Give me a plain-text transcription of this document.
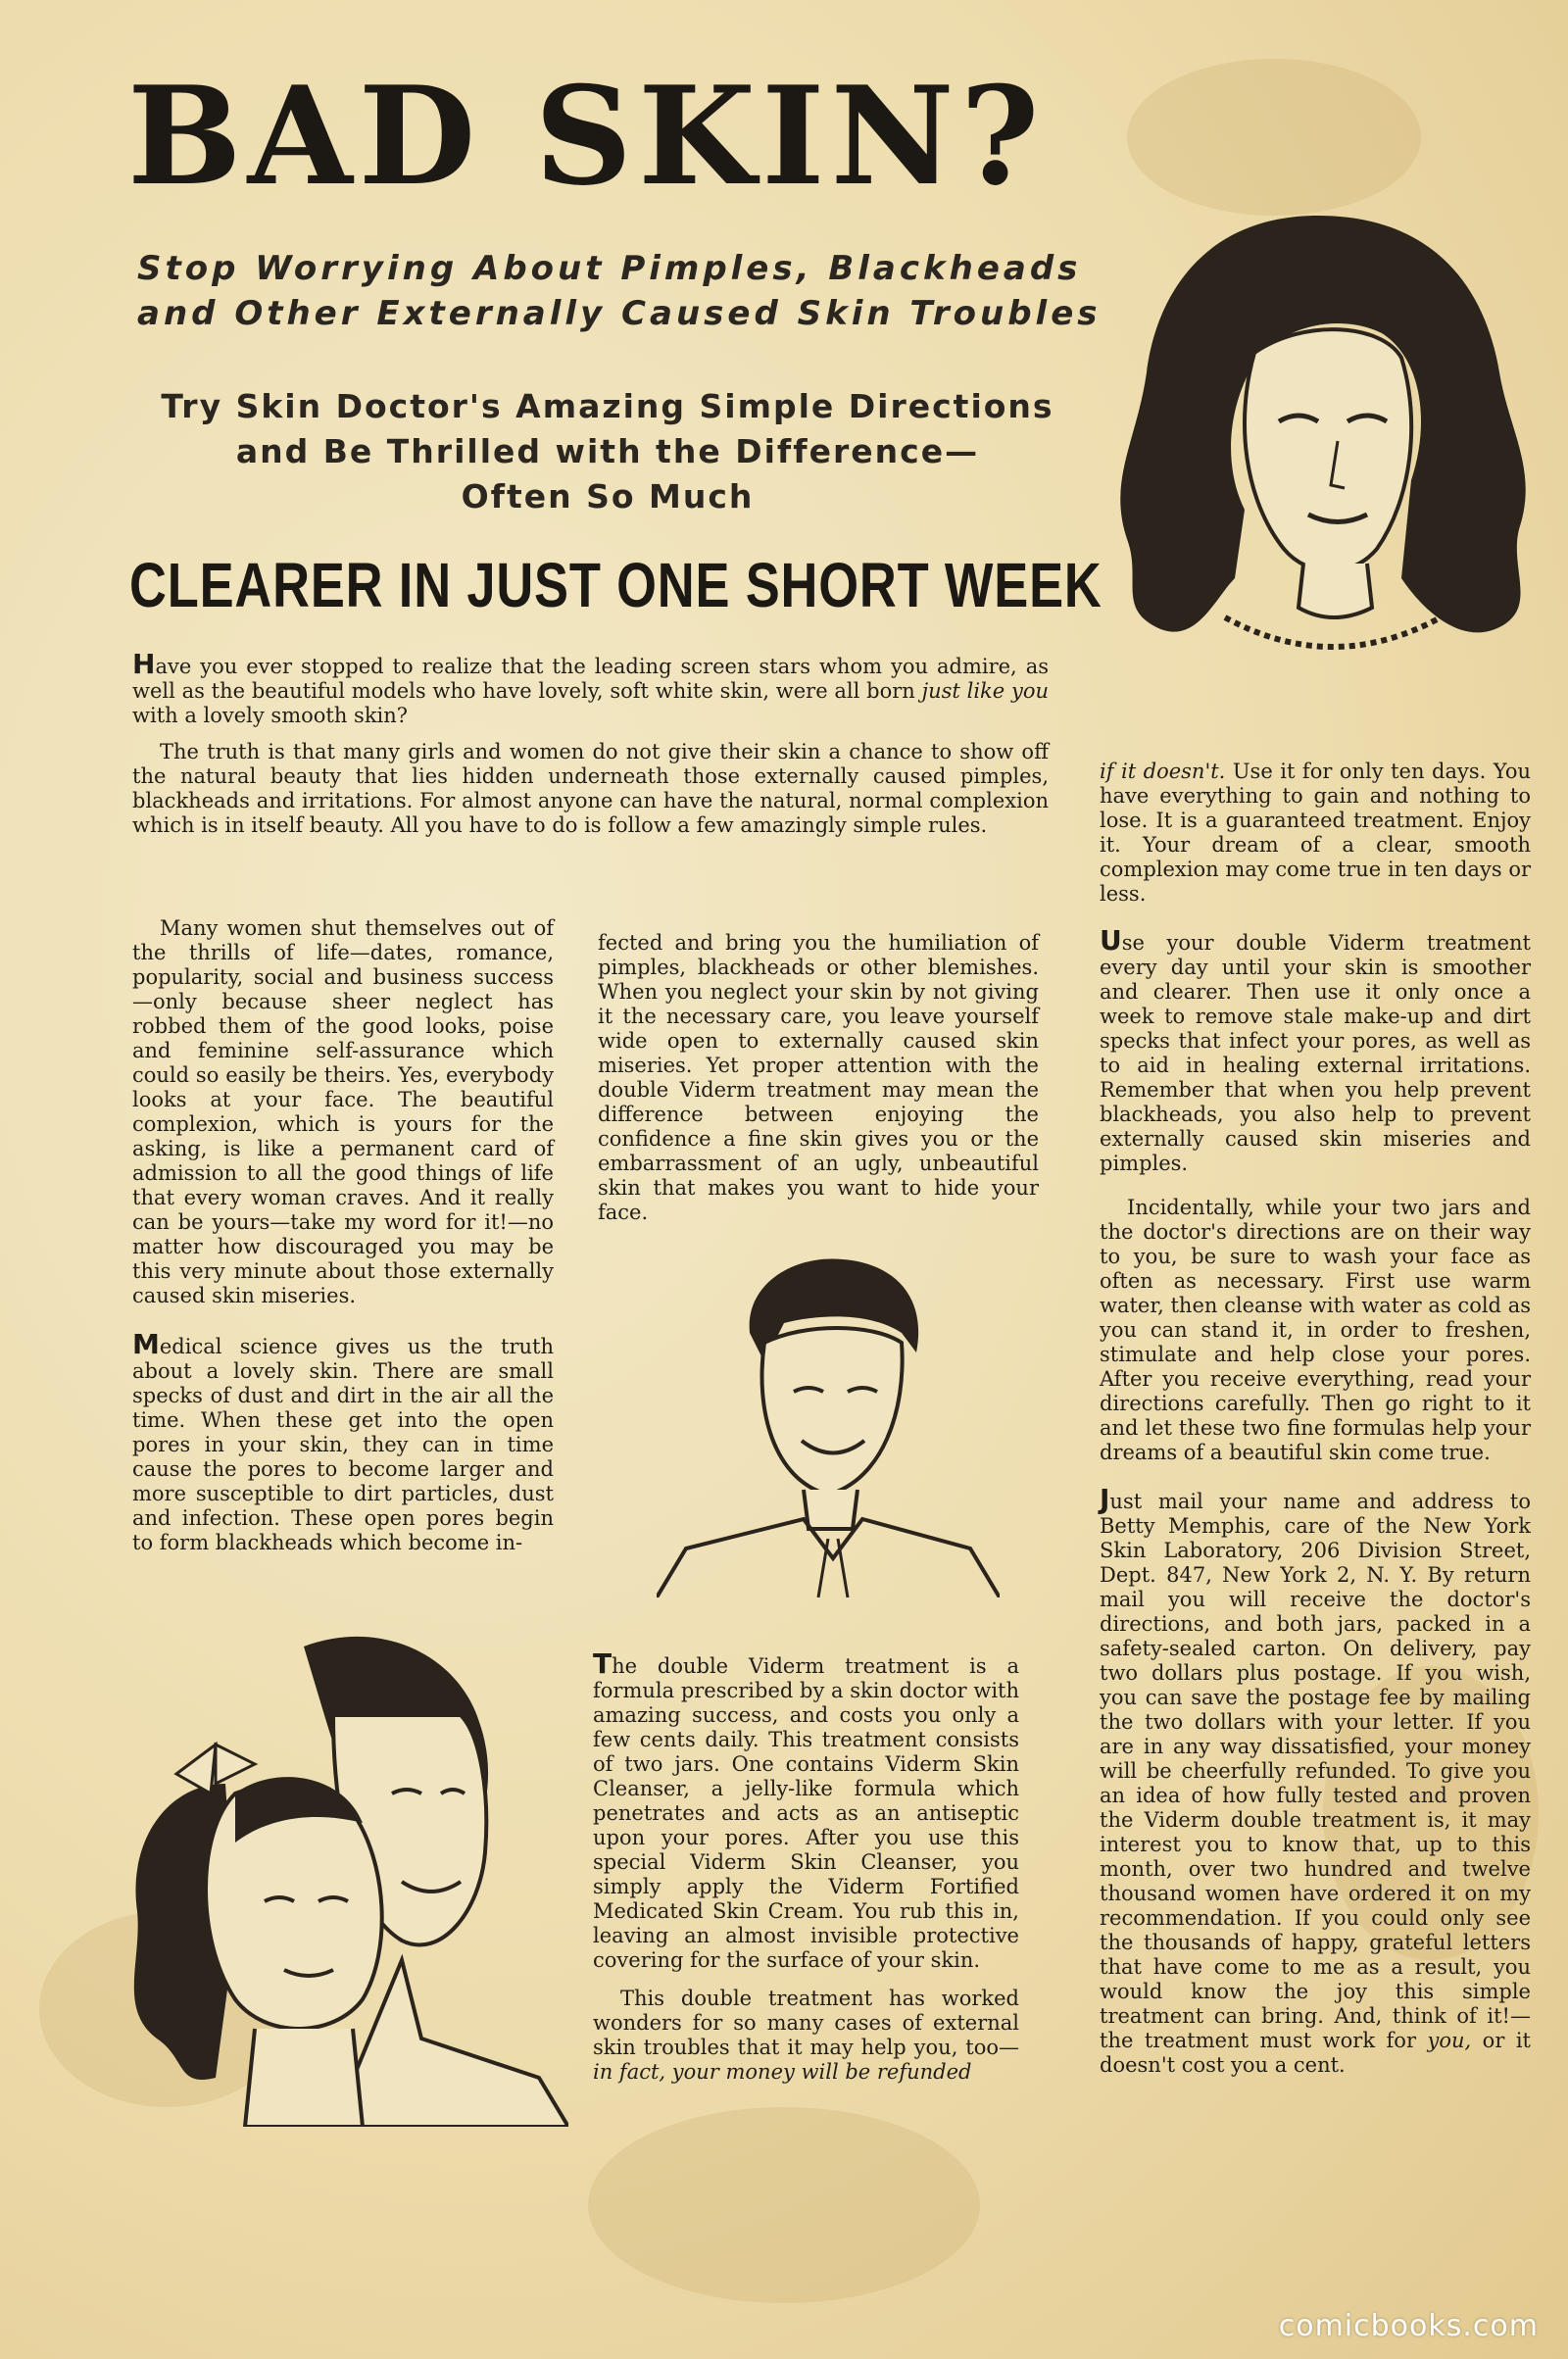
BAD SKIN?
Stop Worrying About Pimples, Blackheads
and Other Externally Caused Skin Troubles
Try Skin Doctor's Amazing Simple Directions
and Be Thrilled with the Difference—
Often So Much
CLEARER IN JUST ONE SHORT WEEK

Have you ever stopped to realize that the leading screen stars whom you admire, as well as the beautiful models who have lovely, soft white skin, were all born just like you with a lovely smooth skin?

The truth is that many girls and women do not give their skin a chance to show off the natural beauty that lies hidden underneath those externally caused pimples, blackheads and irritations. For almost anyone can have the natural, normal complexion which is in itself beauty. All you have to do is follow a few amazingly simple rules.

Many women shut themselves out of the thrills of life—dates, romance, popularity, social and business success—only because sheer neglect has robbed them of the good looks, poise and feminine self-assurance which could so easily be theirs. Yes, everybody looks at your face. The beautiful complexion, which is yours for the asking, is like a permanent card of admission to all the good things of life that every woman craves. And it really can be yours—take my word for it!—no matter how discouraged you may be this very minute about those externally caused skin miseries.

Medical science gives us the truth about a lovely skin. There are small specks of dust and dirt in the air all the time. When these get into the open pores in your skin, they can in time cause the pores to become larger and more susceptible to dirt particles, dust and infection. These open pores begin to form blackheads which become in-

fected and bring you the humiliation of pimples, blackheads or other blemishes. When you neglect your skin by not giving it the necessary care, you leave yourself wide open to externally caused skin miseries. Yet proper attention with the double Viderm treatment may mean the difference between enjoying the confidence a fine skin gives you or the embarrassment of an ugly, unbeautiful skin that makes you want to hide your face.

The double Viderm treatment is a formula prescribed by a skin doctor with amazing success, and costs you only a few cents daily. This treatment consists of two jars. One contains Viderm Skin Cleanser, a jelly-like formula which penetrates and acts as an antiseptic upon your pores. After you use this special Viderm Skin Cleanser, you simply apply the Viderm Fortified Medicated Skin Cream. You rub this in, leaving an almost invisible protective covering for the surface of your skin.

This double treatment has worked wonders for so many cases of external skin troubles that it may help you, too—in fact, your money will be refunded

if it doesn't. Use it for only ten days. You have everything to gain and nothing to lose. It is a guaranteed treatment. Enjoy it. Your dream of a clear, smooth complexion may come true in ten days or less.

Use your double Viderm treatment every day until your skin is smoother and clearer. Then use it only once a week to remove stale make-up and dirt specks that infect your pores, as well as to aid in healing external irritations. Remember that when you help prevent blackheads, you also help to prevent externally caused skin miseries and pimples.

Incidentally, while your two jars and the doctor's directions are on their way to you, be sure to wash your face as often as necessary. First use warm water, then cleanse with water as cold as you can stand it, in order to freshen, stimulate and help close your pores. After you receive everything, read your directions carefully. Then go right to it and let these two fine formulas help your dreams of a beautiful skin come true.

Just mail your name and address to Betty Memphis, care of the New York Skin Laboratory, 206 Division Street, Dept. 847, New York 2, N. Y. By return mail you will receive the doctor's directions, and both jars, packed in a safety-sealed carton. On delivery, pay two dollars plus postage. If you wish, you can save the postage fee by mailing the two dollars with your letter. If you are in any way dissatisfied, your money will be cheerfully refunded. To give you an idea of how fully tested and proven the Viderm double treatment is, it may interest you to know that, up to this month, over two hundred and twelve thousand women have ordered it on my recommendation. If you could only see the thousands of happy, grateful letters that have come to me as a result, you would know the joy this simple treatment can bring. And, think of it!—the treatment must work for you, or it doesn't cost you a cent.

comicbooks.com
